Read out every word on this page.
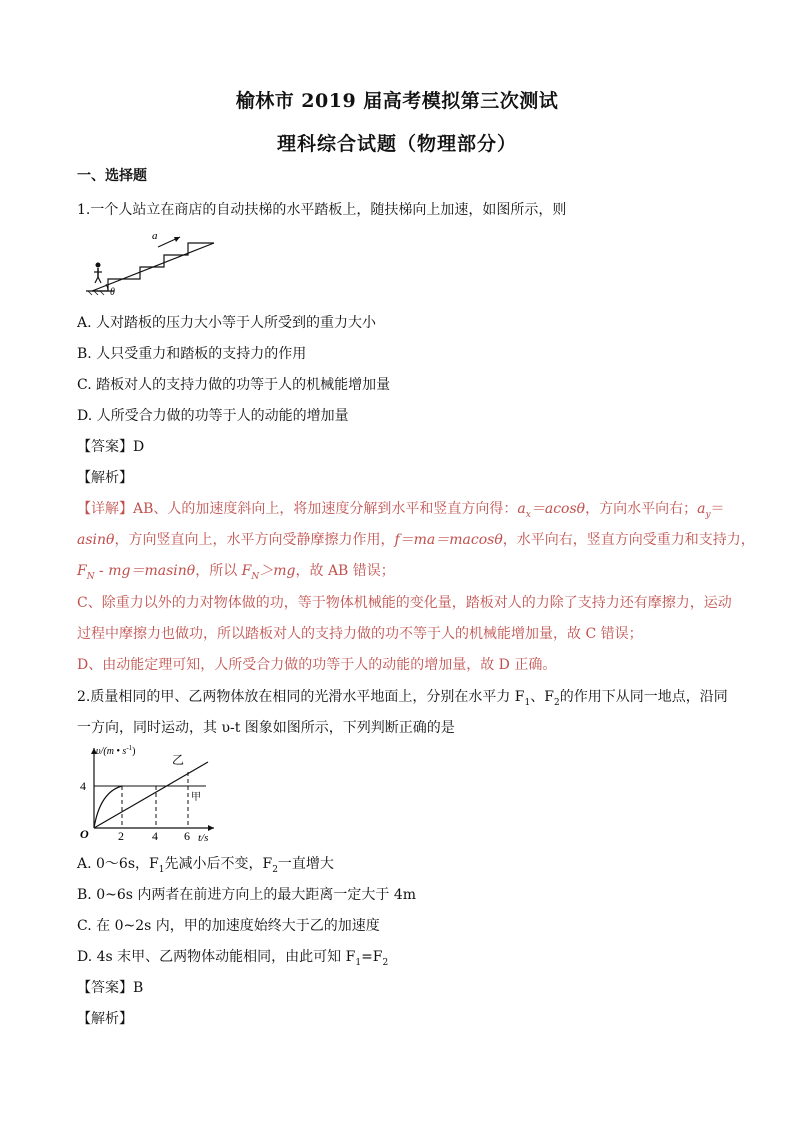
榆林市 2019 届高考模拟第三次测试
理科综合试题（物理部分）
一、选择题
1.一个人站立在商店的自动扶梯的水平踏板上，随扶梯向上加速，如图所示，则
θ
a
A. 人对踏板的压力大小等于人所受到的重力大小
B. 人只受重力和踏板的支持力的作用
C. 踏板对人的支持力做的功等于人的机械能增加量
D. 人所受合力做的功等于人的动能的增加量
【答案】D
【解析】
【详解】AB、人的加速度斜向上，将加速度分解到水平和竖直方向得：$a_x=acos\theta$，方向水平向右；$a_y=$
asinθ，方向竖直向上，水平方向受静摩擦力作用，f＝ma＝macosθ，水平向右，竖直方向受重力和支持力，
$F_N - mg=masin\theta$，所以 $F_N>mg$，故 AB 错误；
C、除重力以外的力对物体做的功，等于物体机械能的变化量，踏板对人的力除了支持力还有摩擦力，运动
过程中摩擦力也做功，所以踏板对人的支持力做的功不等于人的机械能增加量，故 C 错误；
D、由动能定理可知，人所受合力做的功等于人的动能的增加量，故 D 正确。
2.质量相同的甲、乙两物体放在相同的光滑水平地面上，分别在水平力 $F_1$、$F_2$的作用下从同一地点，沿同
一方向，同时运动，其 υ-t 图象如图所示，下列判断正确的是
υ/(m • $s^{-1}$)
乙
甲
4
O 2 4 6 t/s
A. 0～6s，$F_1$先减小后不变，$F_2$一直增大
B. 0~6s 内两者在前进方向上的最大距离一定大于 4m
C. 在 0~2s 内，甲的加速度始终大于乙的加速度
D. 4s 末甲、乙两物体动能相同，由此可知 $F_1=F_2$
【答案】B
【解析】
